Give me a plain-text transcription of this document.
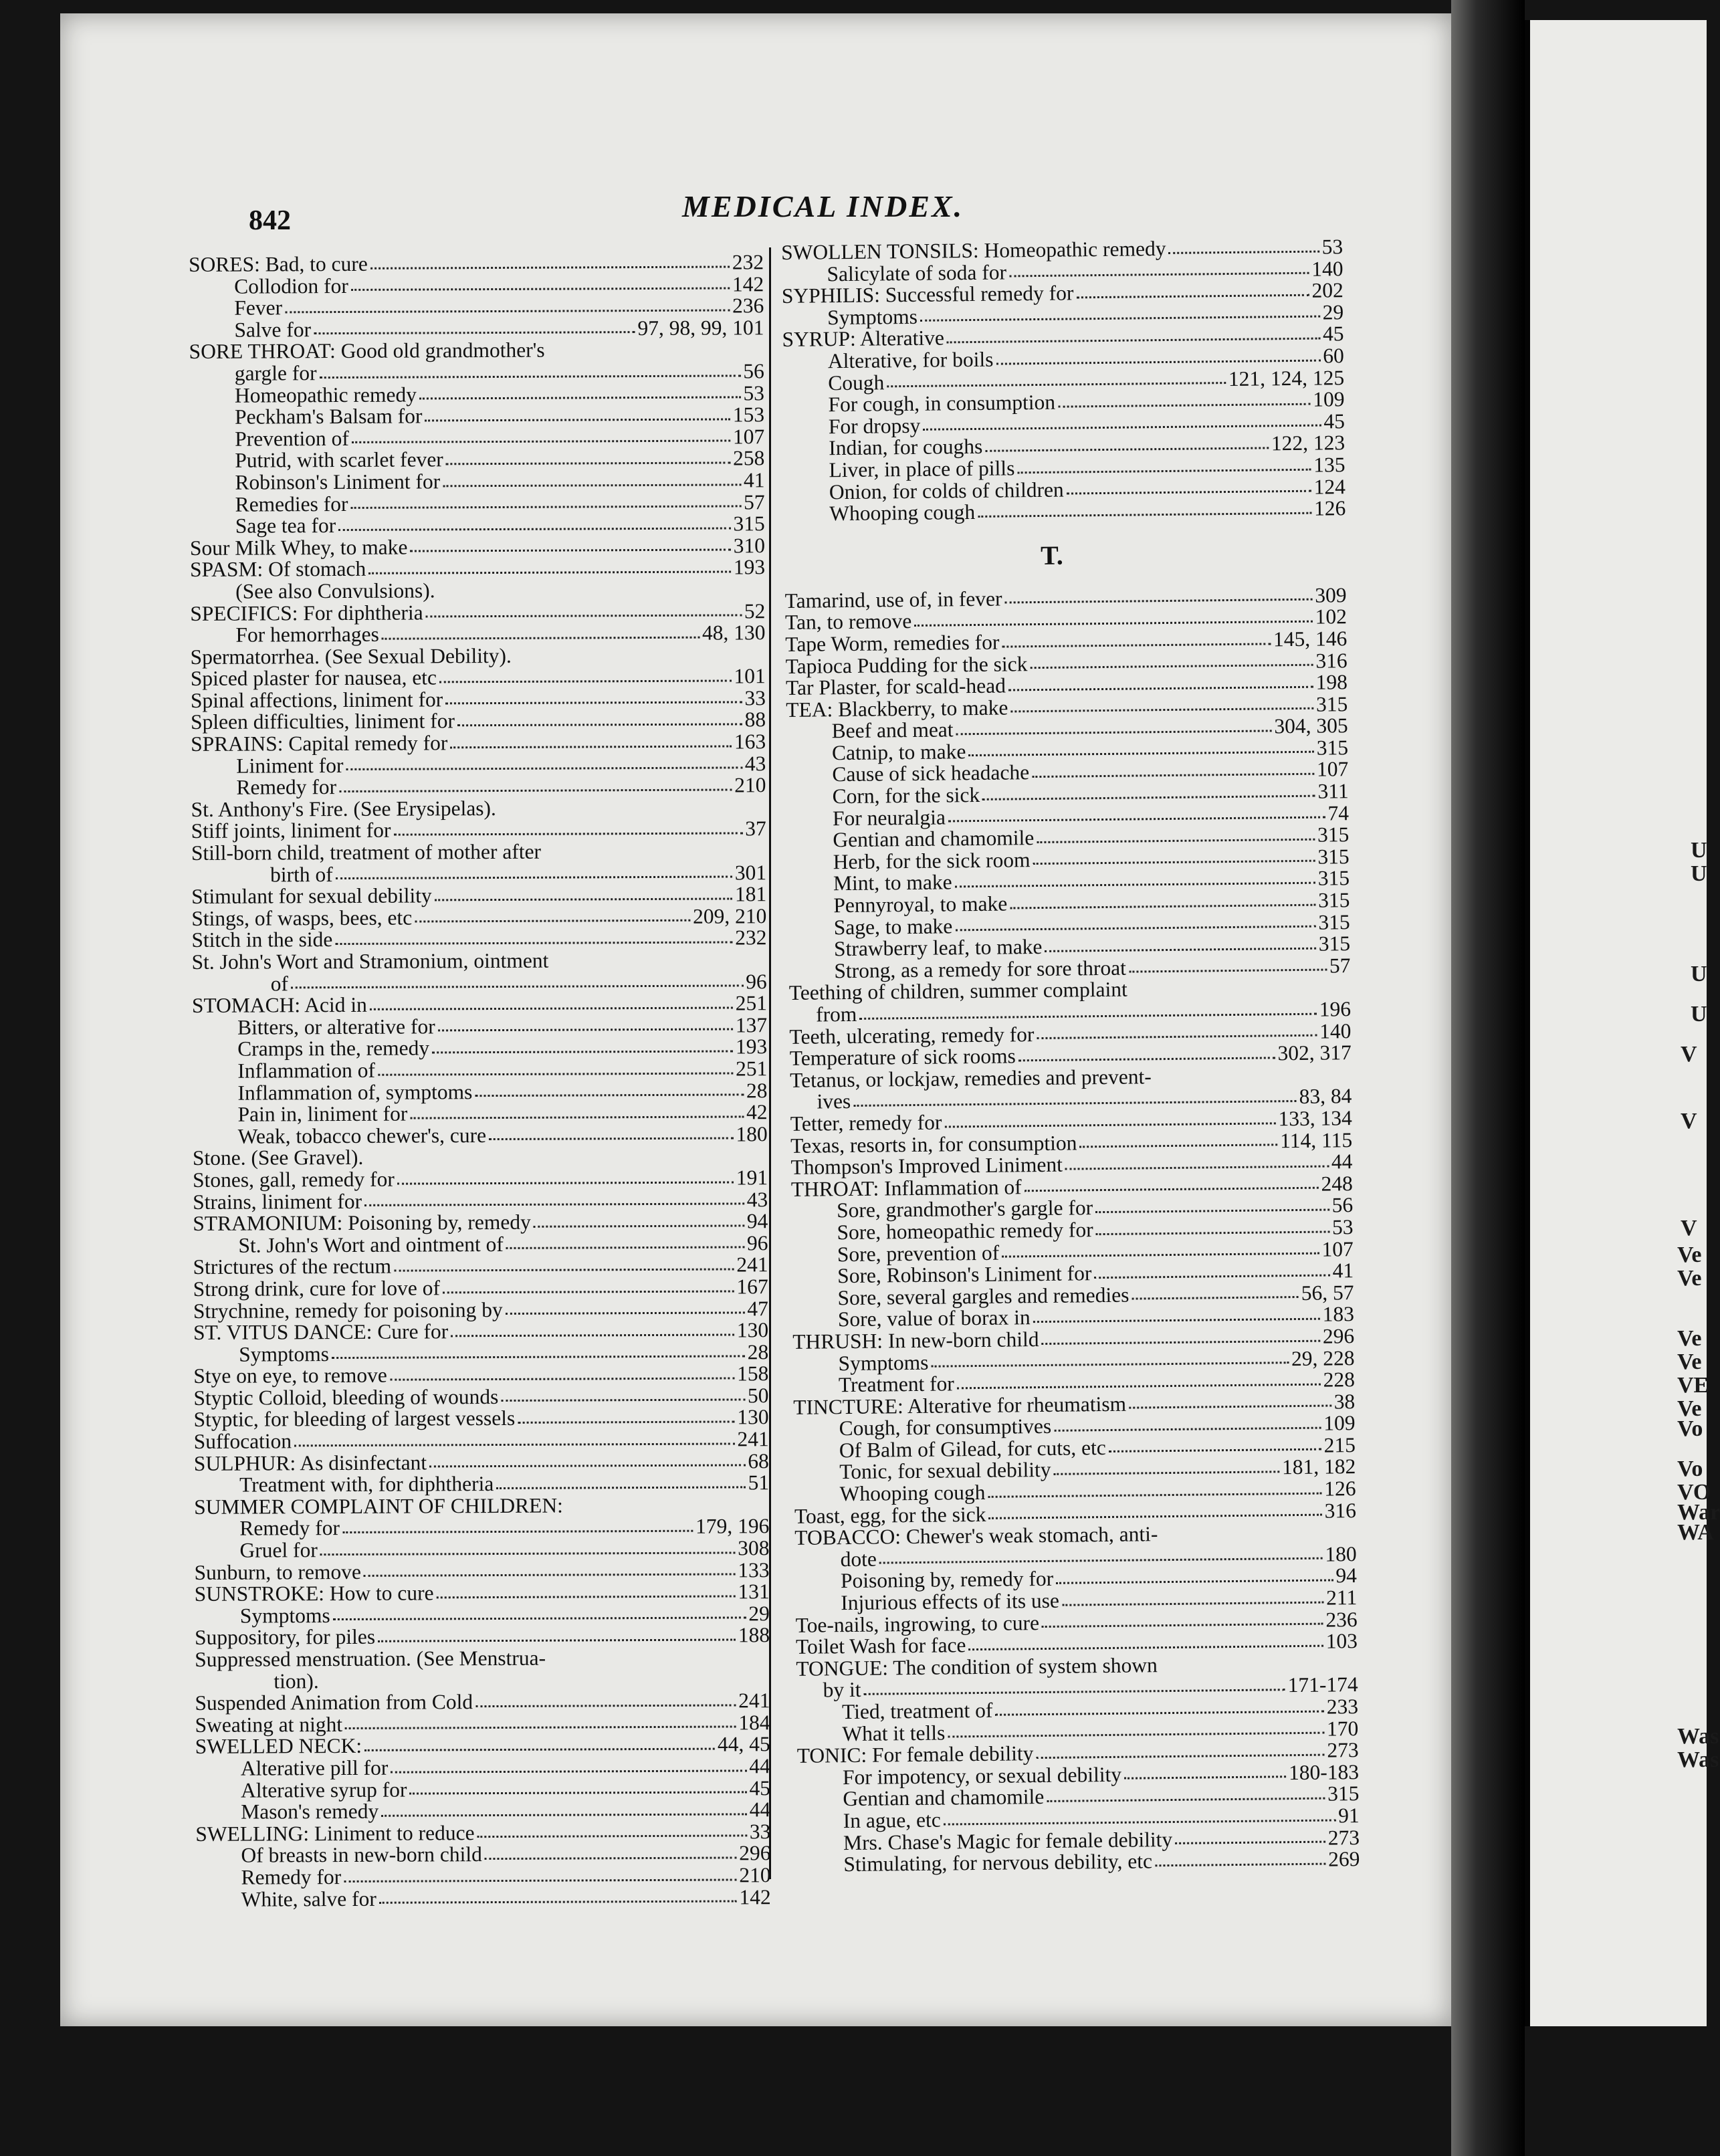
842	MEDICAL INDEX.
SORES: Bad, to cure	232
Collodion for	142
Fever	236
Salve for	97, 98, 99, 101
SORE THROAT: Good old grandmother's
gargle for	56
Homeopathic remedy	53
Peckham's Balsam for	153
Prevention of	107
Putrid, with scarlet fever	258
Robinson's Liniment for	41
Remedies for	57
Sage tea for	315
Sour Milk Whey, to make	310
SPASM: Of stomach	193
(See also Convulsions).
SPECIFICS: For diphtheria	52
For hemorrhages	48, 130
Spermatorrhea. (See Sexual Debility).
Spiced plaster for nausea, etc	101
Spinal affections, liniment for	33
Spleen difficulties, liniment for	88
SPRAINS: Capital remedy for	163
Liniment for	43
Remedy for	210
St. Anthony's Fire. (See Erysipelas).
Stiff joints, liniment for	37
Still-born child, treatment of mother after
birth of	301
Stimulant for sexual debility	181
Stings, of wasps, bees, etc	209, 210
Stitch in the side	232
St. John's Wort and Stramonium, ointment
of	96
STOMACH: Acid in	251
Bitters, or alterative for	137
Cramps in the, remedy	193
Inflammation of	251
Inflammation of, symptoms	28
Pain in, liniment for	42
Weak, tobacco chewer's, cure	180
Stone. (See Gravel).
Stones, gall, remedy for	191
Strains, liniment for	43
STRAMONIUM: Poisoning by, remedy	94
St. John's Wort and ointment of	96
Strictures of the rectum	241
Strong drink, cure for love of	167
Strychnine, remedy for poisoning by	47
ST. VITUS DANCE: Cure for	130
Symptoms	28
Stye on eye, to remove	158
Styptic Colloid, bleeding of wounds	50
Styptic, for bleeding of largest vessels	130
Suffocation	241
SULPHUR: As disinfectant	68
Treatment with, for diphtheria	51
SUMMER COMPLAINT OF CHILDREN:
Remedy for	179, 196
Gruel for	308
Sunburn, to remove	133
SUNSTROKE: How to cure	131
Symptoms	29
Suppository, for piles	188
Suppressed menstruation. (See Menstrua-
tion).
Suspended Animation from Cold	241
Sweating at night	184
SWELLED NECK:	44, 45
Alterative pill for	44
Alterative syrup for	45
Mason's remedy	44
SWELLING: Liniment to reduce	33
Of breasts in new-born child	296
Remedy for	210
White, salve for	142
SWOLLEN TONSILS: Homeopathic remedy	53
Salicylate of soda for	140
SYPHILIS: Successful remedy for	202
Symptoms	29
SYRUP: Alterative	45
Alterative, for boils	60
Cough	121, 124, 125
For cough, in consumption	109
For dropsy	45
Indian, for coughs	122, 123
Liver, in place of pills	135
Onion, for colds of children	124
Whooping cough	126
T.
Tamarind, use of, in fever	309
Tan, to remove	102
Tape Worm, remedies for	145, 146
Tapioca Pudding for the sick	316
Tar Plaster, for scald-head	198
TEA: Blackberry, to make	315
Beef and meat	304, 305
Catnip, to make	315
Cause of sick headache	107
Corn, for the sick	311
For neuralgia	74
Gentian and chamomile	315
Herb, for the sick room	315
Mint, to make	315
Pennyroyal, to make	315
Sage, to make	315
Strawberry leaf, to make	315
Strong, as a remedy for sore throat	57
Teething of children, summer complaint
from	196
Teeth, ulcerating, remedy for	140
Temperature of sick rooms	302, 317
Tetanus, or lockjaw, remedies and prevent-
ives	83, 84
Tetter, remedy for	133, 134
Texas, resorts in, for consumption	114, 115
Thompson's Improved Liniment	44
THROAT: Inflammation of	248
Sore, grandmother's gargle for	56
Sore, homeopathic remedy for	53
Sore, prevention of	107
Sore, Robinson's Liniment for	41
Sore, several gargles and remedies	56, 57
Sore, value of borax in	183
THRUSH: In new-born child	296
Symptoms	29, 228
Treatment for	228
TINCTURE: Alterative for rheumatism	38
Cough, for consumptives	109
Of Balm of Gilead, for cuts, etc	215
Tonic, for sexual debility	181, 182
Whooping cough	126
Toast, egg, for the sick	316
TOBACCO: Chewer's weak stomach, anti-
dote	180
Poisoning by, remedy for	94
Injurious effects of its use	211
Toe-nails, ingrowing, to cure	236
Toilet Wash for face	103
TONGUE: The condition of system shown
by it	171-174
Tied, treatment of	233
What it tells	170
TONIC: For female debility	273
For impotency, or sexual debility	180-183
Gentian and chamomile	315
In ague, etc	91
Mrs. Chase's Magic for female debility	273
Stimulating, for nervous debility, etc	269
U
U
U
U
V
V
V
Ve
Ve
Ve
Ve
VE
Ve
Vo
Vo
VO
War
WA
Was
Was
